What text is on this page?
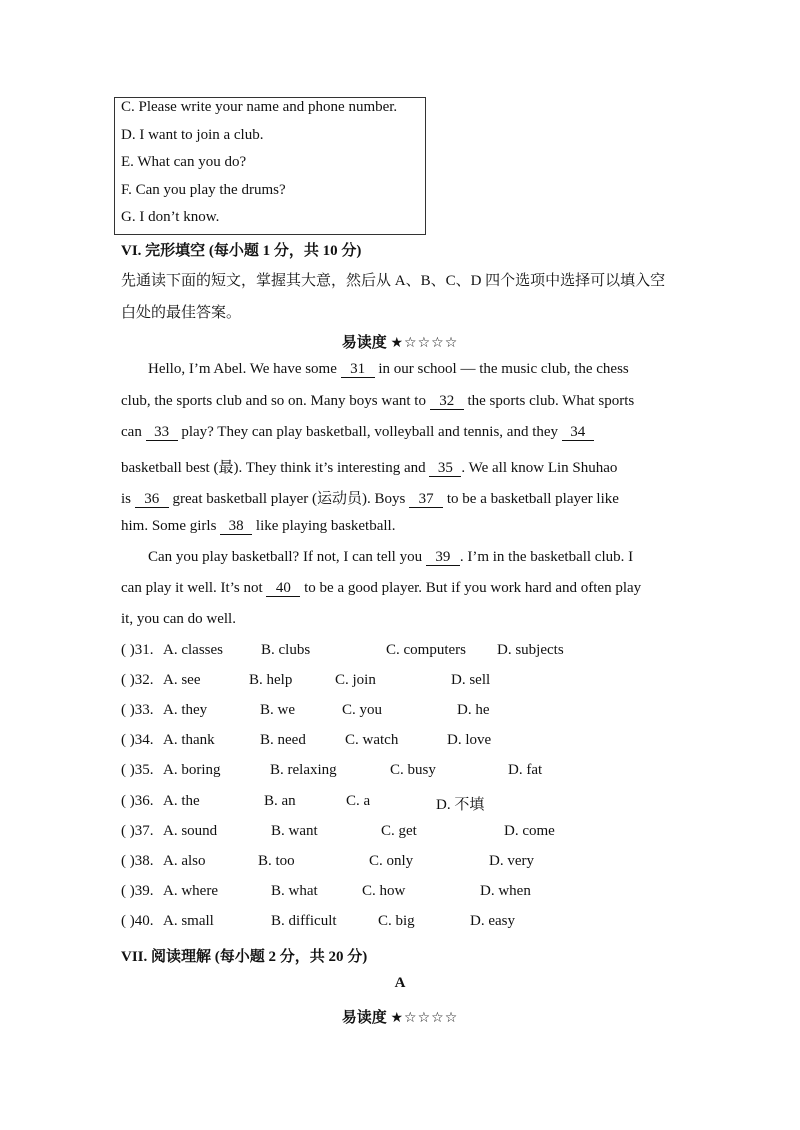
C. Please write your name and phone number.
D. I want to join a club.
E. What can you do?
F. Can you play the drums?
G. I don’t know.
VI. 完形填空 (每小题 1 分，共 10 分)
先通读下面的短文，掌握其大意，然后从 A、B、C、D 四个选项中选择可以填入空
白处的最佳答案。
易读度 ★☆☆☆☆
Hello, I’m Abel. We have some 31 in our school — the music club, the chess
club, the sports club and so on. Many boys want to 32 the sports club. What sports
can 33 play? They can play basketball, volleyball and tennis, and they 34
basketball best (最). They think it’s interesting and 35 . We all know Lin Shuhao
is 36 great basketball player (运动员). Boys 37 to be a basketball player like
him. Some girls 38 like playing basketball.
Can you play basketball? If not, I can tell you 39 . I’m in the basketball club. I
can play it well. It’s not 40 to be a good player. But if you work hard and often play
it, you can do well.
( )31. A. classes	B. clubs	C. computers D. subjects
( )32. A. see	B. help	C. join	D. sell
( )33. A. they	B. we	C. you	D. he
( )34. A. thank	B. need	C. watch	D. love
( )35. A. boring	B. relaxing	C. busy	D. fat
( )36. A. the	B. an	C. a	D. 不填
( )37. A. sound	B. want	C. get	D. come
( )38. A. also	B. too	C. only	D. very
( )39. A. where	B. what	C. how	D. when
( )40. A. small	B. difficult	C. big	D. easy
VII. 阅读理解 (每小题 2 分，共 20 分)
A
易读度 ★☆☆☆☆
